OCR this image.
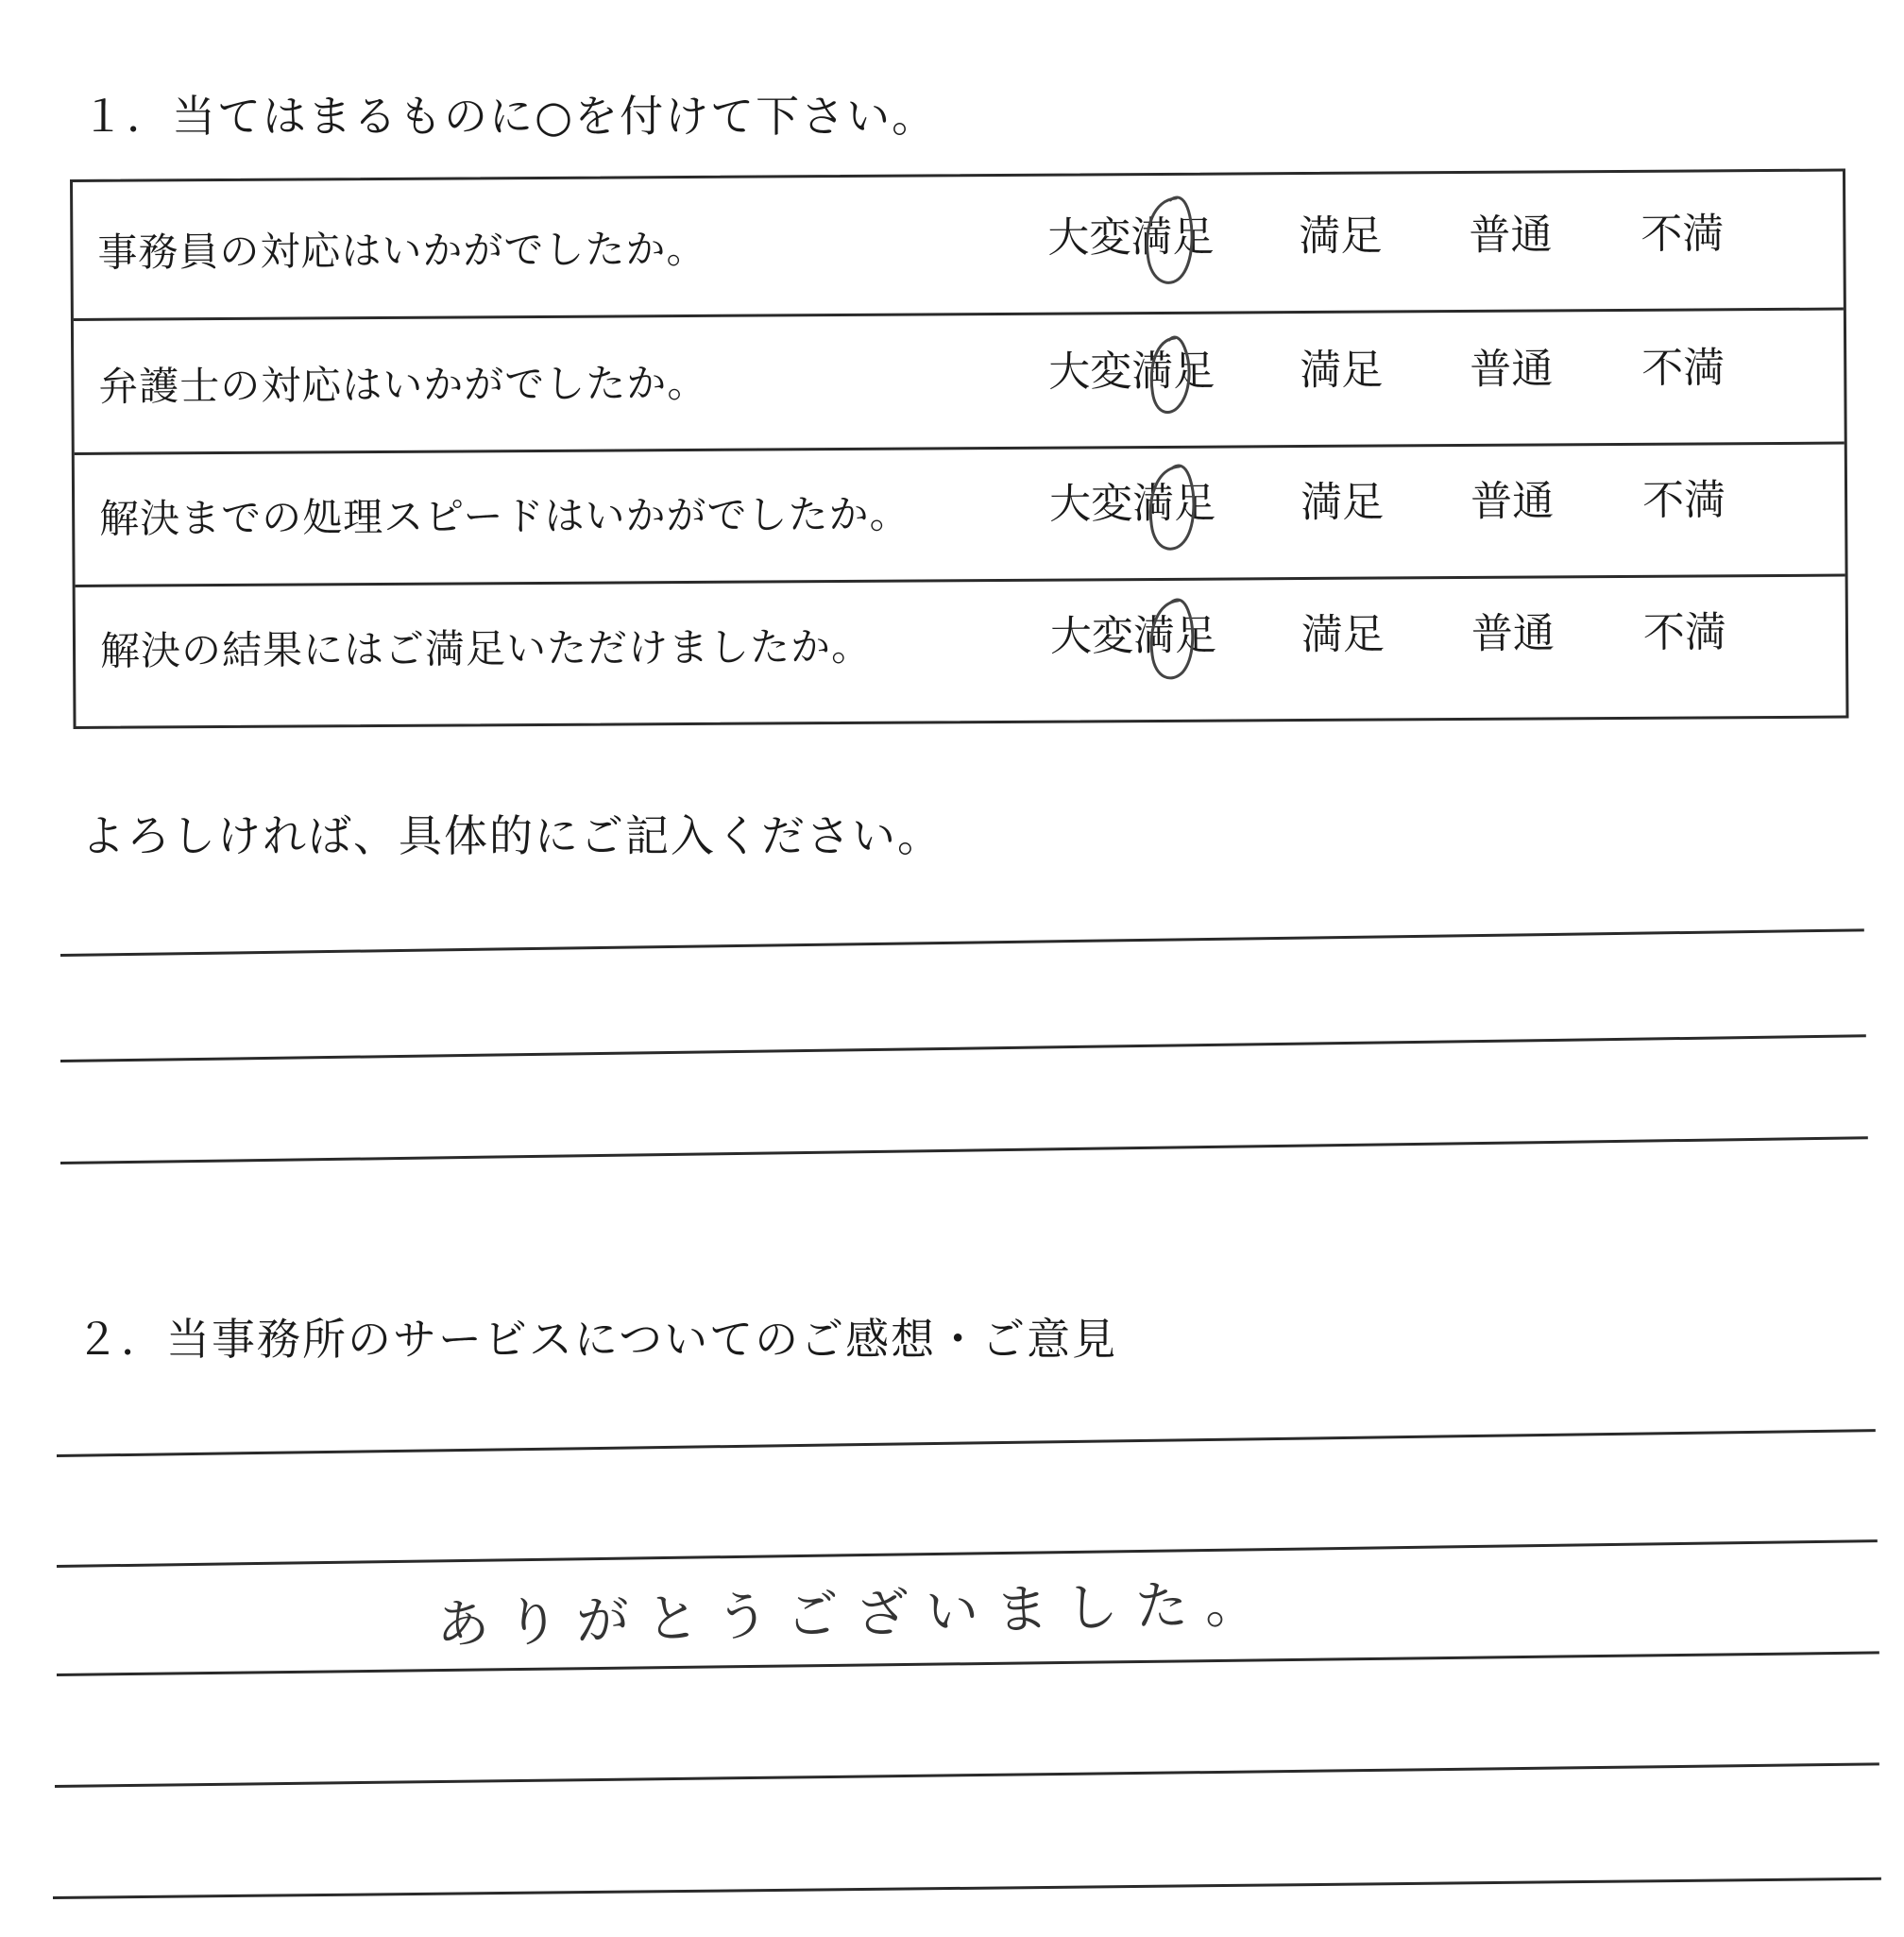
１．当てはまるものに○を付けて下さい。
事務員の対応はいかがでしたか。	大変満足 満足 普通 不満
弁護士の対応はいかがでしたか。	大変満足 満足 普通 不満
解決までの処理スピードはいかがでしたか。	大変満足 満足 普通 不満
解決の結果にはご満足いただけましたか。	大変満足 満足 普通 不満
よろしければ、具体的にご記入ください。
２．当事務所のサービスについてのご感想・ご意見
ありがとうございました。
